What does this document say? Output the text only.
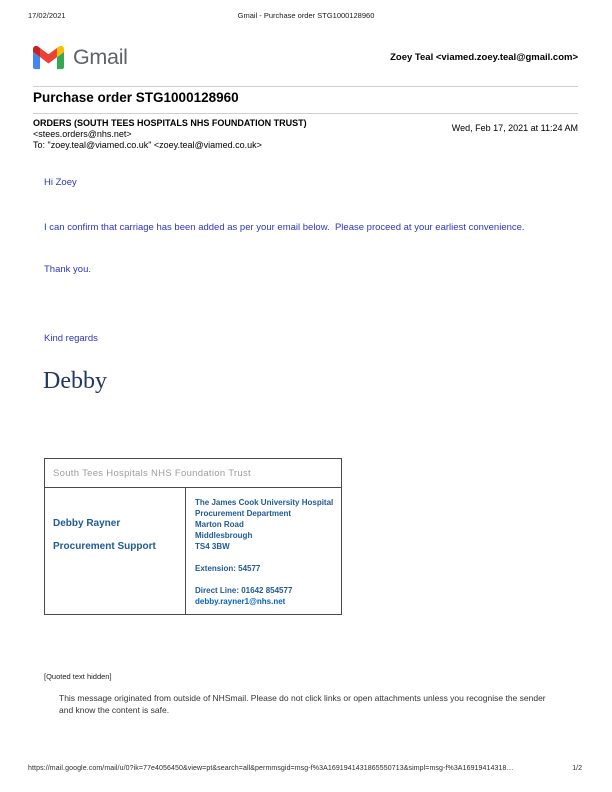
17/02/2021	Gmail - Purchase order STG1000128960
Gmail	Zoey Teal <viamed.zoey.teal@gmail.com>
Purchase order STG1000128960
ORDERS (SOUTH TEES HOSPITALS NHS FOUNDATION TRUST)
<stees.orders@nhs.net>
To: "zoey.teal@viamed.co.uk" <zoey.teal@viamed.co.uk>
Wed, Feb 17, 2021 at 11:24 AM
Hi Zoey
I can confirm that carriage has been added as per your email below.  Please proceed at your earliest convenience.
Thank you.
Kind regards
Debby
South Tees Hospitals NHS Foundation Trust
Debby Rayner
Procurement Support
The James Cook University Hospital
Procurement Department
Marton Road
Middlesbrough
TS4 3BW
Extension: 54577
Direct Line: 01642 854577
debby.rayner1@nhs.net
[Quoted text hidden]
This message originated from outside of NHSmail. Please do not click links or open attachments unless you recognise the sender and know the content is safe.
https://mail.google.com/mail/u/0?ik=77e4056450&view=pt&search=all&permmsgid=msg-f%3A1691941431865550713&simpl=msg-f%3A16919414318…	1/2
